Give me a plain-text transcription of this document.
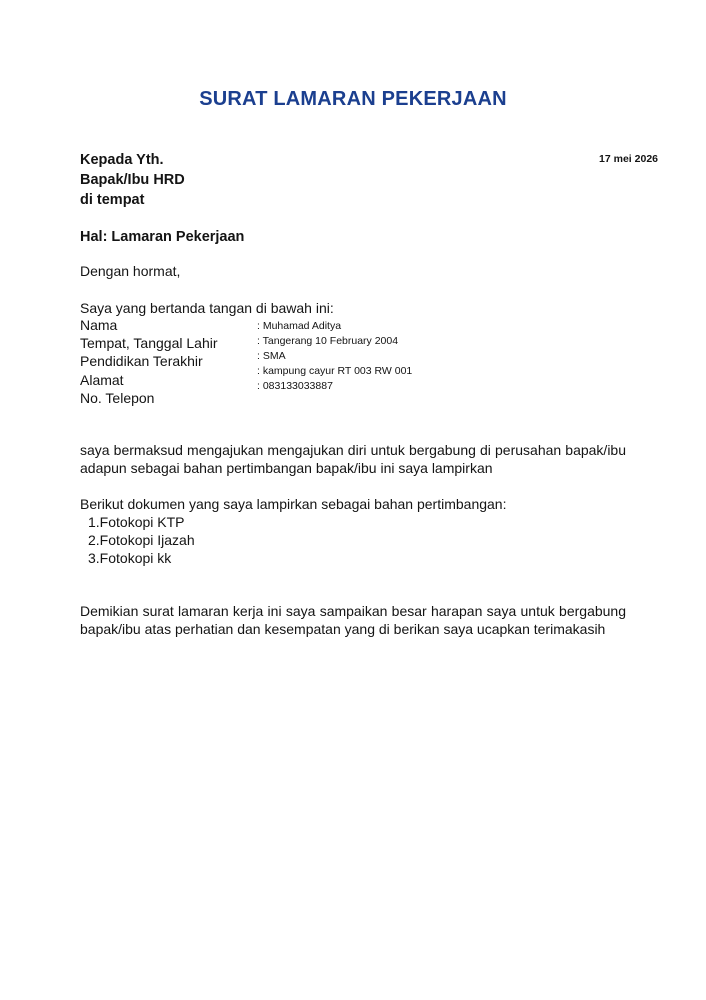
SURAT LAMARAN PEKERJAAN
Kepada Yth.
Bapak/Ibu HRD
di tempat
17 mei 2026
Hal: Lamaran Pekerjaan
Dengan hormat,
Saya yang bertanda tangan di bawah ini:
Nama
Tempat, Tanggal Lahir
Pendidikan Terakhir
Alamat
No. Telepon
: Muhamad Aditya
: Tangerang 10 February 2004
: SMA
: kampung cayur RT 003 RW 001
: 083133033887
saya bermaksud mengajukan mengajukan diri untuk bergabung di perusahan bapak/ibu adapun sebagai bahan pertimbangan bapak/ibu ini saya lampirkan
Berikut dokumen yang saya lampirkan sebagai bahan pertimbangan:
1.Fotokopi KTP
2.Fotokopi Ijazah
3.Fotokopi kk
Demikian surat lamaran kerja ini saya sampaikan besar harapan saya untuk bergabung bapak/ibu atas perhatian dan kesempatan yang di berikan saya ucapkan terimakasih
